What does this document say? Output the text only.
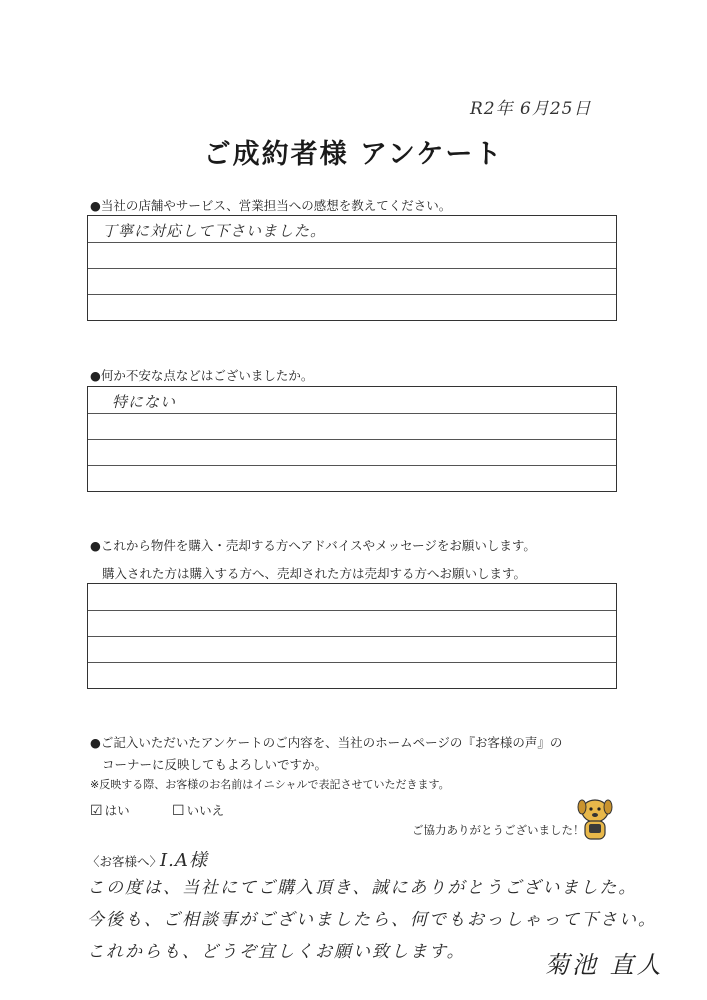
R2年 6月25日
ご成約者様 アンケート
●当社の店舗やサービス、営業担当への感想を教えてください。
丁寧に対応して下さいました。
●何か不安な点などはございましたか。
特にない
●これから物件を購入・売却する方へアドバイスやメッセージをお願いします。
購入された方は購入する方へ、売却された方は売却する方へお願いします。
●ご記入いただいたアンケートのご内容を、当社のホームページの『お客様の声』の
コーナーに反映してもよろしいですか。
※反映する際、お客様のお名前はイニシャルで表記させていただきます。
☑ はい	☐ いいえ
ご協力ありがとうございました！
〈お客様へ〉
I.A様
この度は、当社にてご購入頂き、誠にありがとうございました。
今後も、ご相談事がございましたら、何でもおっしゃって下さい。
これからも、どうぞ宜しくお願い致します。	菊池 直人
